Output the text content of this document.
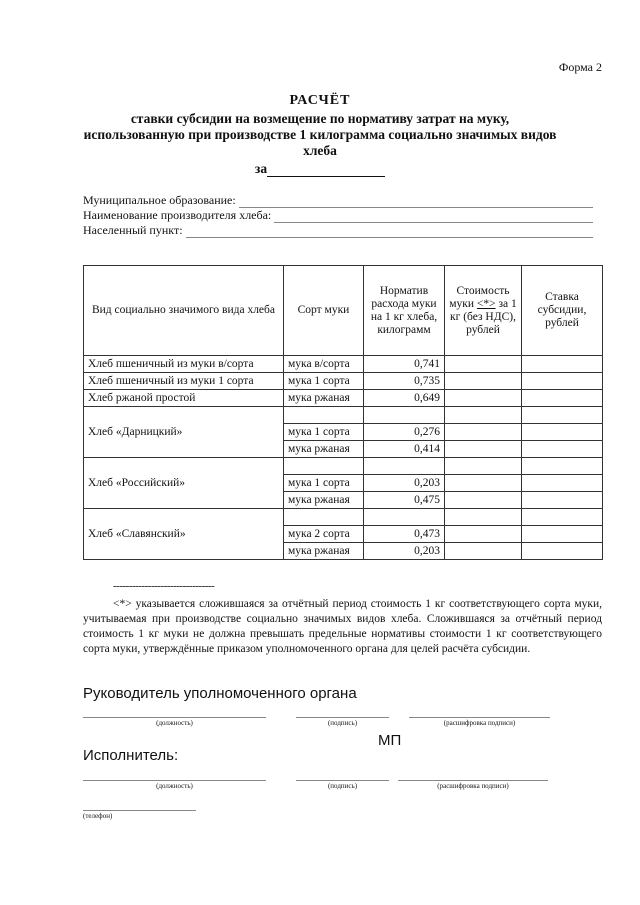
Форма 2
РАСЧЁТ
ставки субсидии на возмещение по нормативу затрат на муку, использованную при производстве 1 килограмма социально значимых видов хлеба
за
Муниципальное образование:
Наименование производителя хлеба:
Населенный пункт:
Вид социально значимого вида хлеба	Сорт муки	Норматив расхода муки на 1 кг хлеба, килограмм	Стоимость муки <*> за 1 кг (без НДС), рублей	Ставка субсидии, рублей
Хлеб пшеничный из муки в/сорта	мука в/сорта	0,741		
Хлеб пшеничный из муки 1 сорта	мука 1 сорта	0,735		
Хлеб ржаной простой	мука ржаная	0,649		
Хлеб «Дарницкий»				
	мука 1 сорта	0,276		
	мука ржаная	0,414		
Хлеб «Российский»				
	мука 1 сорта	0,203		
	мука ржаная	0,475		
Хлеб «Славянский»				
	мука 2 сорта	0,473		
	мука ржаная	0,203		
--------------------------------
<*> указывается сложившаяся за отчётный период стоимость 1 кг соответствующего сорта муки, учитываемая при производстве социально значимых видов хлеба. Сложившаяся за отчётный период стоимость 1 кг муки не должна превышать предельные нормативы стоимости 1 кг соответствующего сорта муки, утверждённые приказом уполномоченного органа для целей расчёта субсидии.
Руководитель уполномоченного органа
(должность)	(подпись)	(расшифровка подписи)
МП
Исполнитель:
(должность)	(подпись)	(расшифровка подписи)
(телефон)
